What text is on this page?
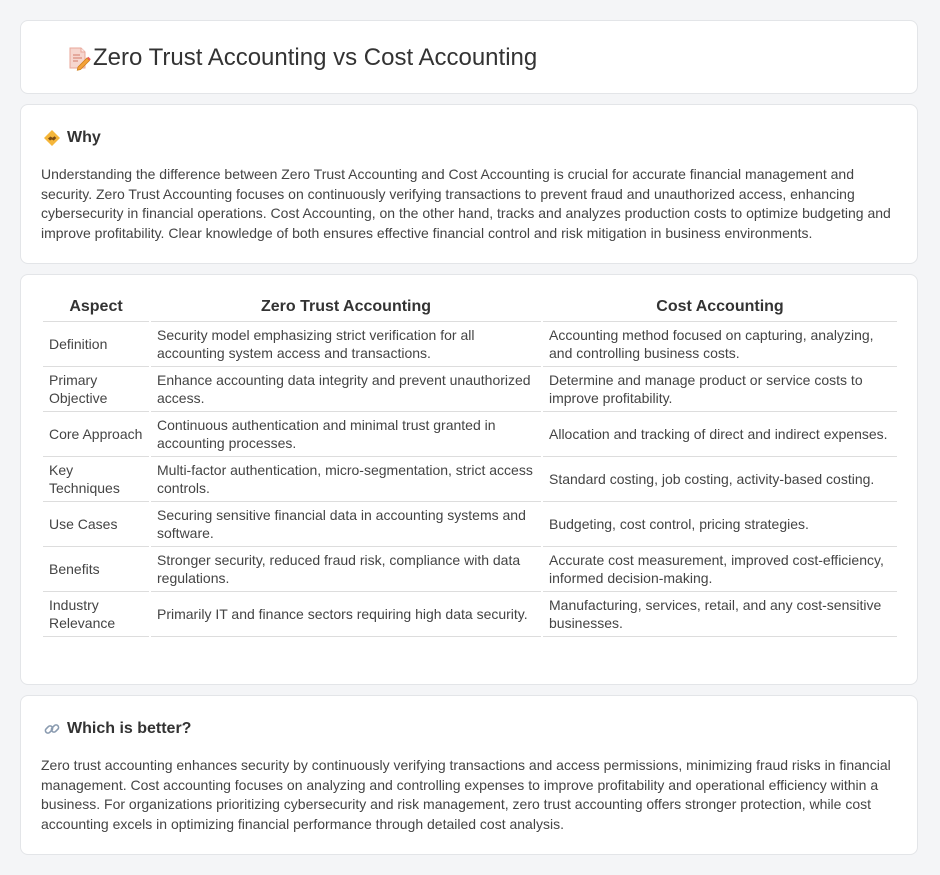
Zero Trust Accounting vs Cost Accounting
Why

Understanding the difference between Zero Trust Accounting and Cost Accounting is crucial for accurate financial management and security. Zero Trust Accounting focuses on continuously verifying transactions to prevent fraud and unauthorized access, enhancing cybersecurity in financial operations. Cost Accounting, on the other hand, tracks and analyzes production costs to optimize budgeting and improve profitability. Clear knowledge of both ensures effective financial control and risk mitigation in business environments.

Aspect	Zero Trust Accounting	Cost Accounting
Definition	Security model emphasizing strict verification for all accounting system access and transactions.	Accounting method focused on capturing, analyzing, and controlling business costs.
Primary Objective	Enhance accounting data integrity and prevent unauthorized access.	Determine and manage product or service costs to improve profitability.
Core Approach	Continuous authentication and minimal trust granted in accounting processes.	Allocation and tracking of direct and indirect expenses.
Key Techniques	Multi-factor authentication, micro-segmentation, strict access controls.	Standard costing, job costing, activity-based costing.
Use Cases	Securing sensitive financial data in accounting systems and software.	Budgeting, cost control, pricing strategies.
Benefits	Stronger security, reduced fraud risk, compliance with data regulations.	Accurate cost measurement, improved cost-efficiency, informed decision-making.
Industry Relevance	Primarily IT and finance sectors requiring high data security.	Manufacturing, services, retail, and any cost-sensitive businesses.
Which is better?

Zero trust accounting enhances security by continuously verifying transactions and access permissions, minimizing fraud risks in financial management. Cost accounting focuses on analyzing and controlling expenses to improve profitability and operational efficiency within a business. For organizations prioritizing cybersecurity and risk management, zero trust accounting offers stronger protection, while cost accounting excels in optimizing financial performance through detailed cost analysis.
